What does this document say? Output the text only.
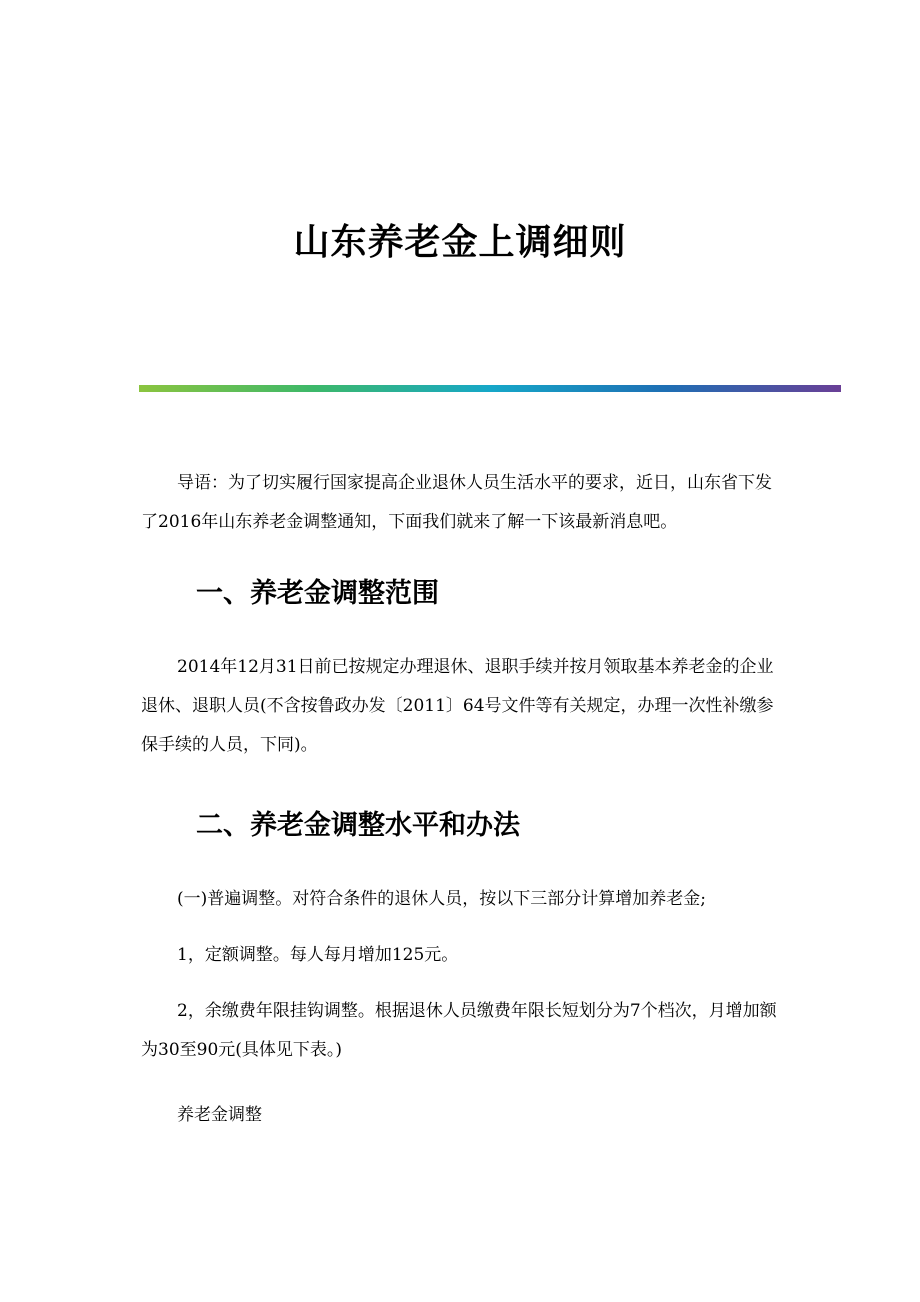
山东养老金上调细则

导语：为了切实履行国家提高企业退休人员生活水平的要求，近日，山东省下发了2016年山东养老金调整通知，下面我们就来了解一下该最新消息吧。

一、养老金调整范围

2014年12月31日前已按规定办理退休、退职手续并按月领取基本养老金的企业退休、退职人员(不含按鲁政办发〔2011〕64号文件等有关规定，办理一次性补缴参保手续的人员，下同)。

二、养老金调整水平和办法

(一)普遍调整。对符合条件的退休人员，按以下三部分计算增加养老金;

1，定额调整。每人每月增加125元。

2，余缴费年限挂钩调整。根据退休人员缴费年限长短划分为7个档次，月增加额为30至90元(具体见下表。)

养老金调整
